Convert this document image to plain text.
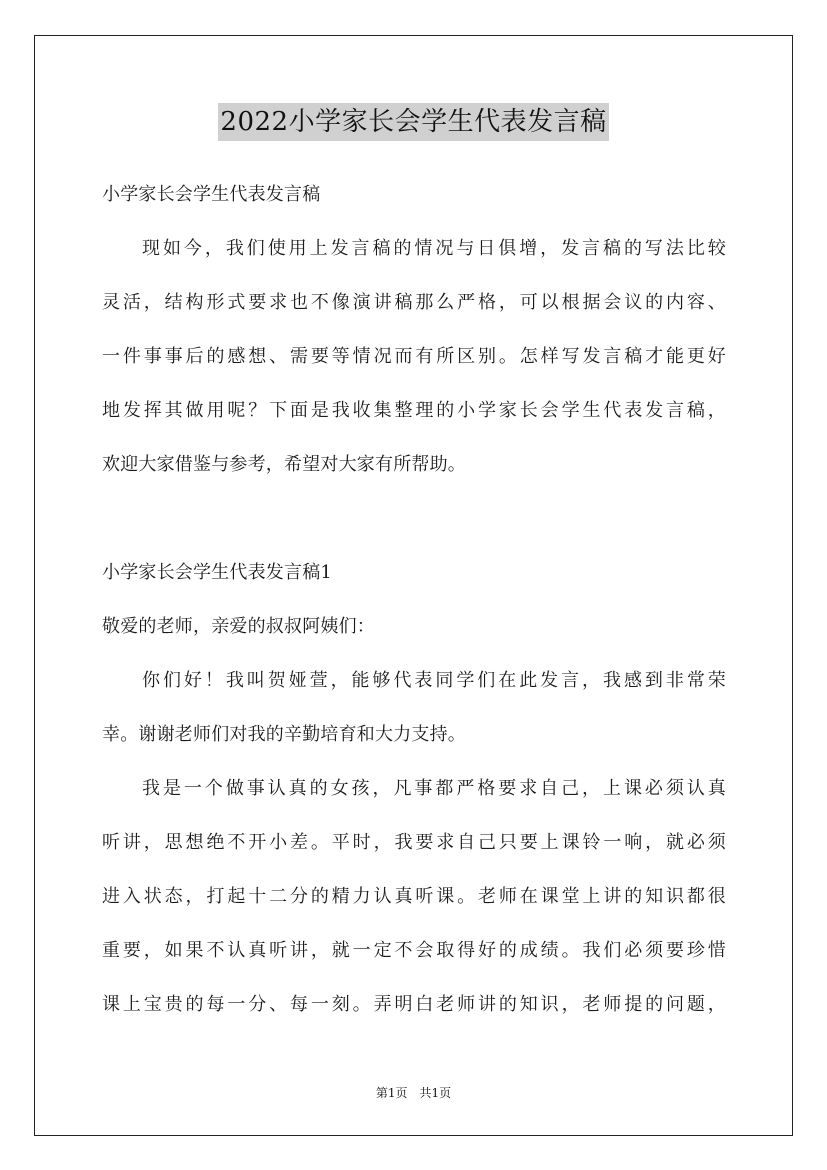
2022小学家长会学生代表发言稿
小学家长会学生代表发言稿
现如今，我们使用上发言稿的情况与日俱增，发言稿的写法比较
灵活，结构形式要求也不像演讲稿那么严格，可以根据会议的内容、
一件事事后的感想、需要等情况而有所区别。怎样写发言稿才能更好
地发挥其做用呢？下面是我收集整理的小学家长会学生代表发言稿，
欢迎大家借鉴与参考，希望对大家有所帮助。
小学家长会学生代表发言稿1
敬爱的老师，亲爱的叔叔阿姨们：
你们好！我叫贺娅萱，能够代表同学们在此发言，我感到非常荣
幸。谢谢老师们对我的辛勤培育和大力支持。
我是一个做事认真的女孩，凡事都严格要求自己，上课必须认真
听讲，思想绝不开小差。平时，我要求自己只要上课铃一响，就必须
进入状态，打起十二分的精力认真听课。老师在课堂上讲的知识都很
重要，如果不认真听讲，就一定不会取得好的成绩。我们必须要珍惜
课上宝贵的每一分、每一刻。弄明白老师讲的知识，老师提的问题，
第1页 共1页
